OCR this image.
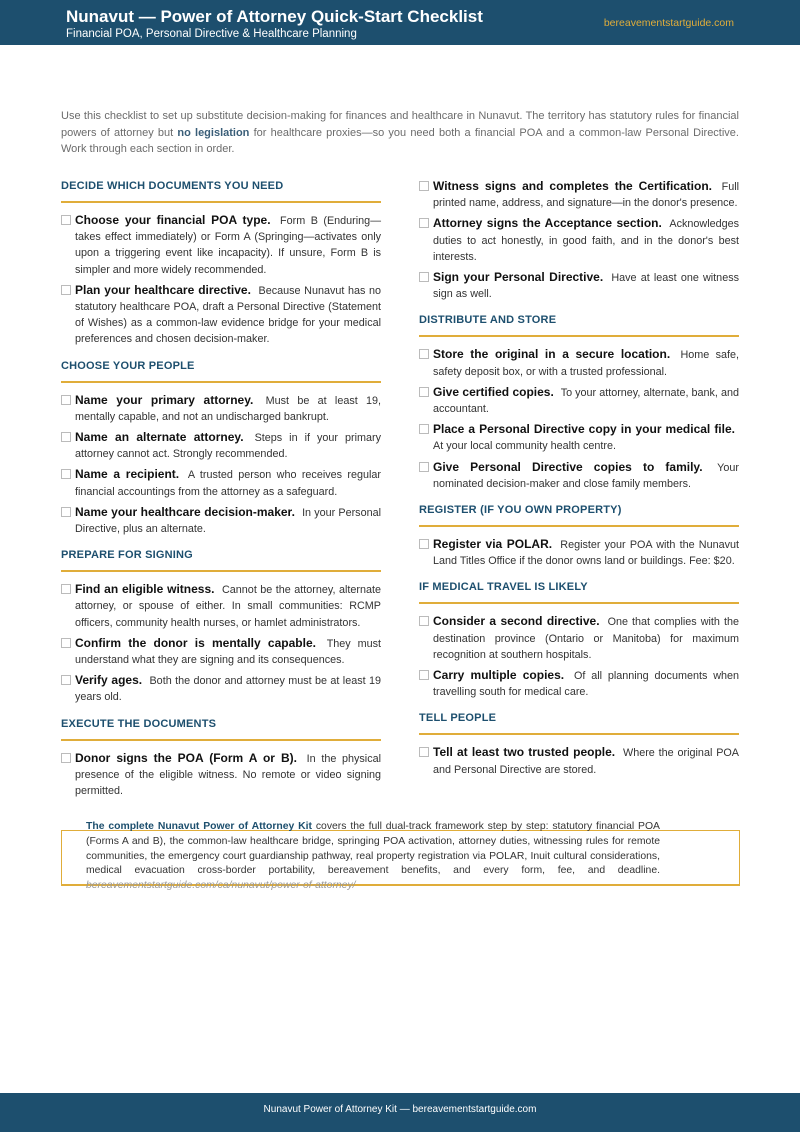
Nunavut — Power of Attorney Quick-Start Checklist
Financial POA, Personal Directive & Healthcare Planning
bereavementstartguide.com

Use this checklist to set up substitute decision-making for finances and healthcare in Nunavut. The territory has statutory rules for financial powers of attorney but no legislation for healthcare proxies—so you need both a financial POA and a common-law Personal Directive. Work through each section in order.

DECIDE WHICH DOCUMENTS YOU NEED
Choose your financial POA type. Form B (Enduring—takes effect immediately) or Form A (Springing—activates only upon a triggering event like incapacity). If unsure, Form B is simpler and more widely recommended.
Plan your healthcare directive. Because Nunavut has no statutory healthcare POA, draft a Personal Directive (Statement of Wishes) as a common-law evidence bridge for your medical preferences and chosen decision-maker.
CHOOSE YOUR PEOPLE
Name your primary attorney. Must be at least 19, mentally capable, and not an undischarged bankrupt.
Name an alternate attorney. Steps in if your primary attorney cannot act. Strongly recommended.
Name a recipient. A trusted person who receives regular financial accountings from the attorney as a safeguard.
Name your healthcare decision-maker. In your Personal Directive, plus an alternate.
PREPARE FOR SIGNING
Find an eligible witness. Cannot be the attorney, alternate attorney, or spouse of either. In small communities: RCMP officers, community health nurses, or hamlet administrators.
Confirm the donor is mentally capable. They must understand what they are signing and its consequences.
Verify ages. Both the donor and attorney must be at least 19 years old.
EXECUTE THE DOCUMENTS
Donor signs the POA (Form A or B). In the physical presence of the eligible witness. No remote or video signing permitted.
Witness signs and completes the Certification. Full printed name, address, and signature—in the donor's presence.
Attorney signs the Acceptance section. Acknowledges duties to act honestly, in good faith, and in the donor's best interests.
Sign your Personal Directive. Have at least one witness sign as well.
DISTRIBUTE AND STORE
Store the original in a secure location. Home safe, safety deposit box, or with a trusted professional.
Give certified copies. To your attorney, alternate, bank, and accountant.
Place a Personal Directive copy in your medical file. At your local community health centre.
Give Personal Directive copies to family. Your nominated decision-maker and close family members.
REGISTER (IF YOU OWN PROPERTY)
Register via POLAR. Register your POA with the Nunavut Land Titles Office if the donor owns land or buildings. Fee: $20.
IF MEDICAL TRAVEL IS LIKELY
Consider a second directive. One that complies with the destination province (Ontario or Manitoba) for maximum recognition at southern hospitals.
Carry multiple copies. Of all planning documents when travelling south for medical care.
TELL PEOPLE
Tell at least two trusted people. Where the original POA and Personal Directive are stored.

The complete Nunavut Power of Attorney Kit covers the full dual-track framework step by step: statutory financial POA (Forms A and B), the common-law healthcare bridge, springing POA activation, attorney duties, witnessing rules for remote communities, the emergency court guardianship pathway, real property registration via POLAR, Inuit cultural considerations, medical evacuation cross-border portability, bereavement benefits, and every form, fee, and deadline. bereavementstartguide.com/ca/nunavut/power-of-attorney/

Nunavut Power of Attorney Kit — bereavementstartguide.com
